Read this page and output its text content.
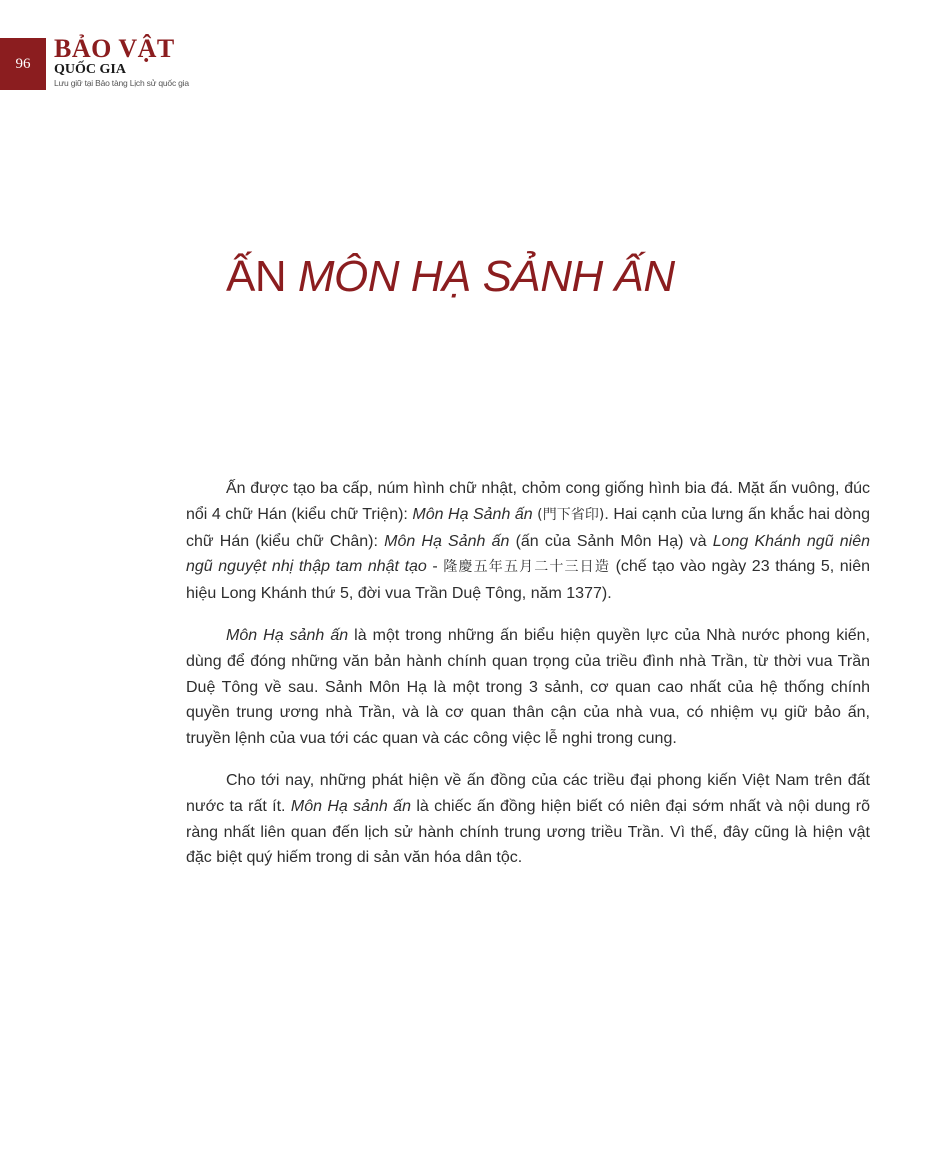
96
BẢO VẬT
QUỐC GIA
Lưu giữ tại Bảo tàng Lịch sử quốc gia
ẤN MÔN HẠ SẢNH ẤN

Ấn được tạo ba cấp, núm hình chữ nhật, chỏm cong giống hình bia đá. Mặt ấn vuông, đúc nổi 4 chữ Hán (kiểu chữ Triện): Môn Hạ Sảnh ấn (門下省印). Hai cạnh của lưng ấn khắc hai dòng chữ Hán (kiểu chữ Chân): Môn Hạ Sảnh ấn (ấn của Sảnh Môn Hạ) và Long Khánh ngũ niên ngũ nguyệt nhị thập tam nhật tạo - 隆慶五年五月二十三日造 (chế tạo vào ngày 23 tháng 5, niên hiệu Long Khánh thứ 5, đời vua Trần Duệ Tông, năm 1377).

Môn Hạ sảnh ấn là một trong những ấn biểu hiện quyền lực của Nhà nước phong kiến, dùng để đóng những văn bản hành chính quan trọng của triều đình nhà Trần, từ thời vua Trần Duệ Tông về sau. Sảnh Môn Hạ là một trong 3 sảnh, cơ quan cao nhất của hệ thống chính quyền trung ương nhà Trần, và là cơ quan thân cận của nhà vua, có nhiệm vụ giữ bảo ấn, truyền lệnh của vua tới các quan và các công việc lễ nghi trong cung.

Cho tới nay, những phát hiện về ấn đồng của các triều đại phong kiến Việt Nam trên đất nước ta rất ít. Môn Hạ sảnh ấn là chiếc ấn đồng hiện biết có niên đại sớm nhất và nội dung rõ ràng nhất liên quan đến lịch sử hành chính trung ương triều Trần. Vì thế, đây cũng là hiện vật đặc biệt quý hiếm trong di sản văn hóa dân tộc.
